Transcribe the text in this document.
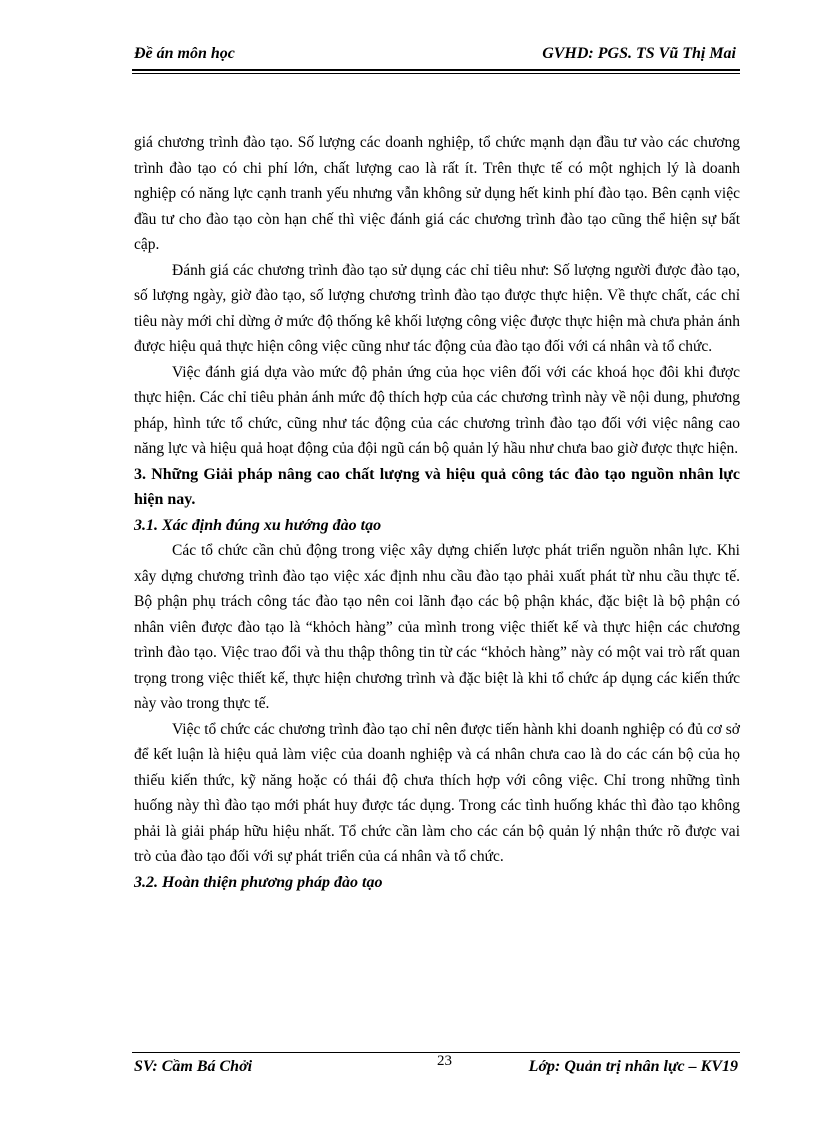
Đề án môn học	GVHD: PGS. TS Vũ Thị Mai

giá chương trình đào tạo. Số lượng các doanh nghiệp, tổ chức mạnh dạn đầu tư vào các chương trình đào tạo có chi phí lớn, chất lượng cao là rất ít. Trên thực tế có một nghịch lý là doanh nghiệp có năng lực cạnh tranh yếu nhưng vẫn không sử dụng hết kinh phí đào tạo. Bên cạnh việc đầu tư cho đào tạo còn hạn chế thì việc đánh giá các chương trình đào tạo cũng thể hiện sự bất cập.

Đánh giá các chương trình đào tạo sử dụng các chỉ tiêu như: Số lượng người được đào tạo, số lượng ngày, giờ đào tạo, số lượng chương trình đào tạo được thực hiện. Về thực chất, các chỉ tiêu này mới chỉ dừng ở mức độ thống kê khối lượng công việc được thực hiện mà chưa phản ánh được hiệu quả thực hiện công việc cũng như tác động của đào tạo đối với cá nhân và tổ chức.

Việc đánh giá dựa vào mức độ phản ứng của học viên đối với các khoá học đôi khi được thực hiện. Các chỉ tiêu phản ánh mức độ thích hợp của các chương trình này về nội dung, phương pháp, hình tức tổ chức, cũng như tác động của các chương trình đào tạo đối với việc nâng cao năng lực và hiệu quả hoạt động của đội ngũ cán bộ quản lý hầu như chưa bao giờ được thực hiện.

3. Những Giải pháp nâng cao chất lượng và hiệu quả công tác đào tạo nguồn nhân lực hiện nay.

3.1. Xác định đúng xu hướng đào tạo

Các tổ chức cần chủ động trong việc xây dựng chiến lược phát triển nguồn nhân lực. Khi xây dựng chương trình đào tạo việc xác định nhu cầu đào tạo phải xuất phát từ nhu cầu thực tế. Bộ phận phụ trách công tác đào tạo nên coi lãnh đạo các bộ phận khác, đặc biệt là bộ phận có nhân viên được đào tạo là “khỏch hàng” của mình trong việc thiết kế và thực hiện các chương trình đào tạo. Việc trao đổi và thu thập thông tin từ các “khỏch hàng” này có một vai trò rất quan trọng trong việc thiết kế, thực hiện chương trình và đặc biệt là khi tổ chức áp dụng các kiến thức này vào trong thực tế.

Việc tổ chức các chương trình đào tạo chỉ nên được tiến hành khi doanh nghiệp có đủ cơ sở để kết luận là hiệu quả làm việc của doanh nghiệp và cá nhân chưa cao là do các cán bộ của họ thiếu kiến thức, kỹ năng hoặc có thái độ chưa thích hợp với công việc. Chỉ trong những tình huống này thì đào tạo mới phát huy được tác dụng. Trong các tình huống khác thì đào tạo không phải là giải pháp hữu hiệu nhất. Tổ chức cần làm cho các cán bộ quản lý nhận thức rõ được vai trò của đào tạo đối với sự phát triển của cá nhân và tổ chức.

3.2. Hoàn thiện phương pháp đào tạo

SV: Cầm Bá Chởi	23	Lớp: Quản trị nhân lực – KV19
